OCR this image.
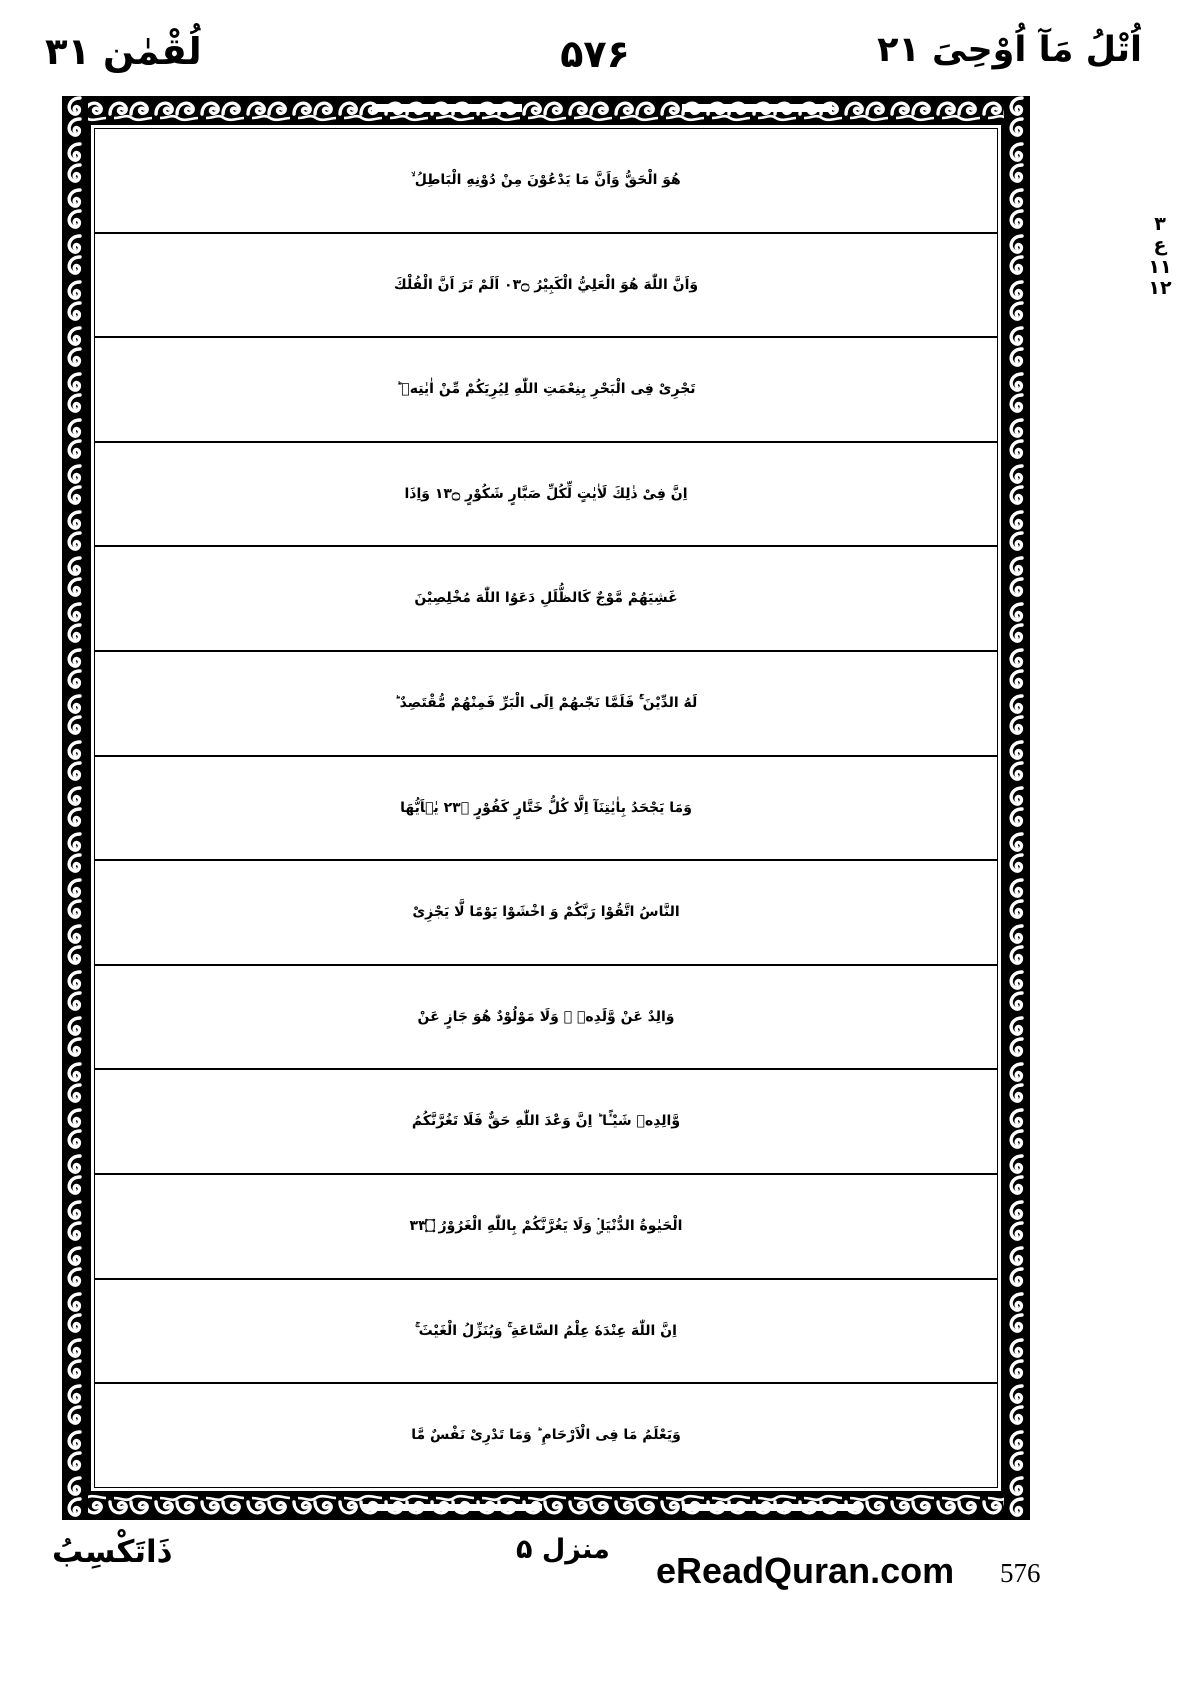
لُقْمٰن ٣١	۵۷۶	اُتْلُ مَآ اُوْحِیَ ٢١
٣
ع
١١
١٢
هُوَ الْحَقُّ وَاَنَّ مَا يَدْعُوْنَ مِنْ دُوْنِهِ الْبَاطِلُ ۙ
وَاَنَّ اللّٰهَ هُوَ الْعَلِيُّ الْكَبِيْرُ ۝٣٠ اَلَمْ تَرَ اَنَّ الْفُلْكَ
تَجْرِىْ فِى الْبَحْرِ بِنِعْمَتِ اللّٰهِ لِيُرِيَكُمْ مِّنْ اٰيٰتِهٖ ؕ
اِنَّ فِىْ ذٰلِكَ لَاٰيٰتٍ لِّكُلِّ صَبَّارٍ شَكُوْرٍ ۝٣١ وَاِذَا
غَشِيَهُمْ مَّوْجٌ كَالظُّلَلِ دَعَوُا اللّٰهَ مُخْلِصِيْنَ
لَهُ الدِّيْنَ ۚ۬ فَلَمَّا نَجّٰىهُمْ اِلَى الْبَرِّ فَمِنْهُمْ مُّقْتَصِدٌ ؕ
وَمَا يَجْحَدُ بِاٰيٰتِنَآ اِلَّا كُلُّ خَتَّارٍ كَفُوْرٍ ۝٣٢ يٰۤاَيُّهَا
النَّاسُ اتَّقُوْا رَبَّكُمْ وَ اخْشَوْا يَوْمًا لَّا يَجْزِىْ
وَالِدٌ عَنْ وَّلَدِهٖ ۣ وَلَا مَوْلُوْدٌ هُوَ جَازٍ عَنْ
وَّالِدِهٖ شَيْـًٔا ؕ اِنَّ وَعْدَ اللّٰهِ حَقٌّ فَلَا تَغُرَّنَّكُمُ
الْحَيٰوةُ الدُّنْيَا ۣ۬ وَلَا يَغُرَّنَّكُمْ بِاللّٰهِ الْغَرُوْرُ ۝٣٣
اِنَّ اللّٰهَ عِنْدَهٗ عِلْمُ السَّاعَةِ ۚ وَيُنَزِّلُ الْغَيْثَ ۚ
وَيَعْلَمُ مَا فِى الْاَرْحَامِ ؕ وَمَا تَدْرِىْ نَفْسٌ مَّا
ذَاتَكْسِبُ	منزل ۵
eReadQuran.com 576
